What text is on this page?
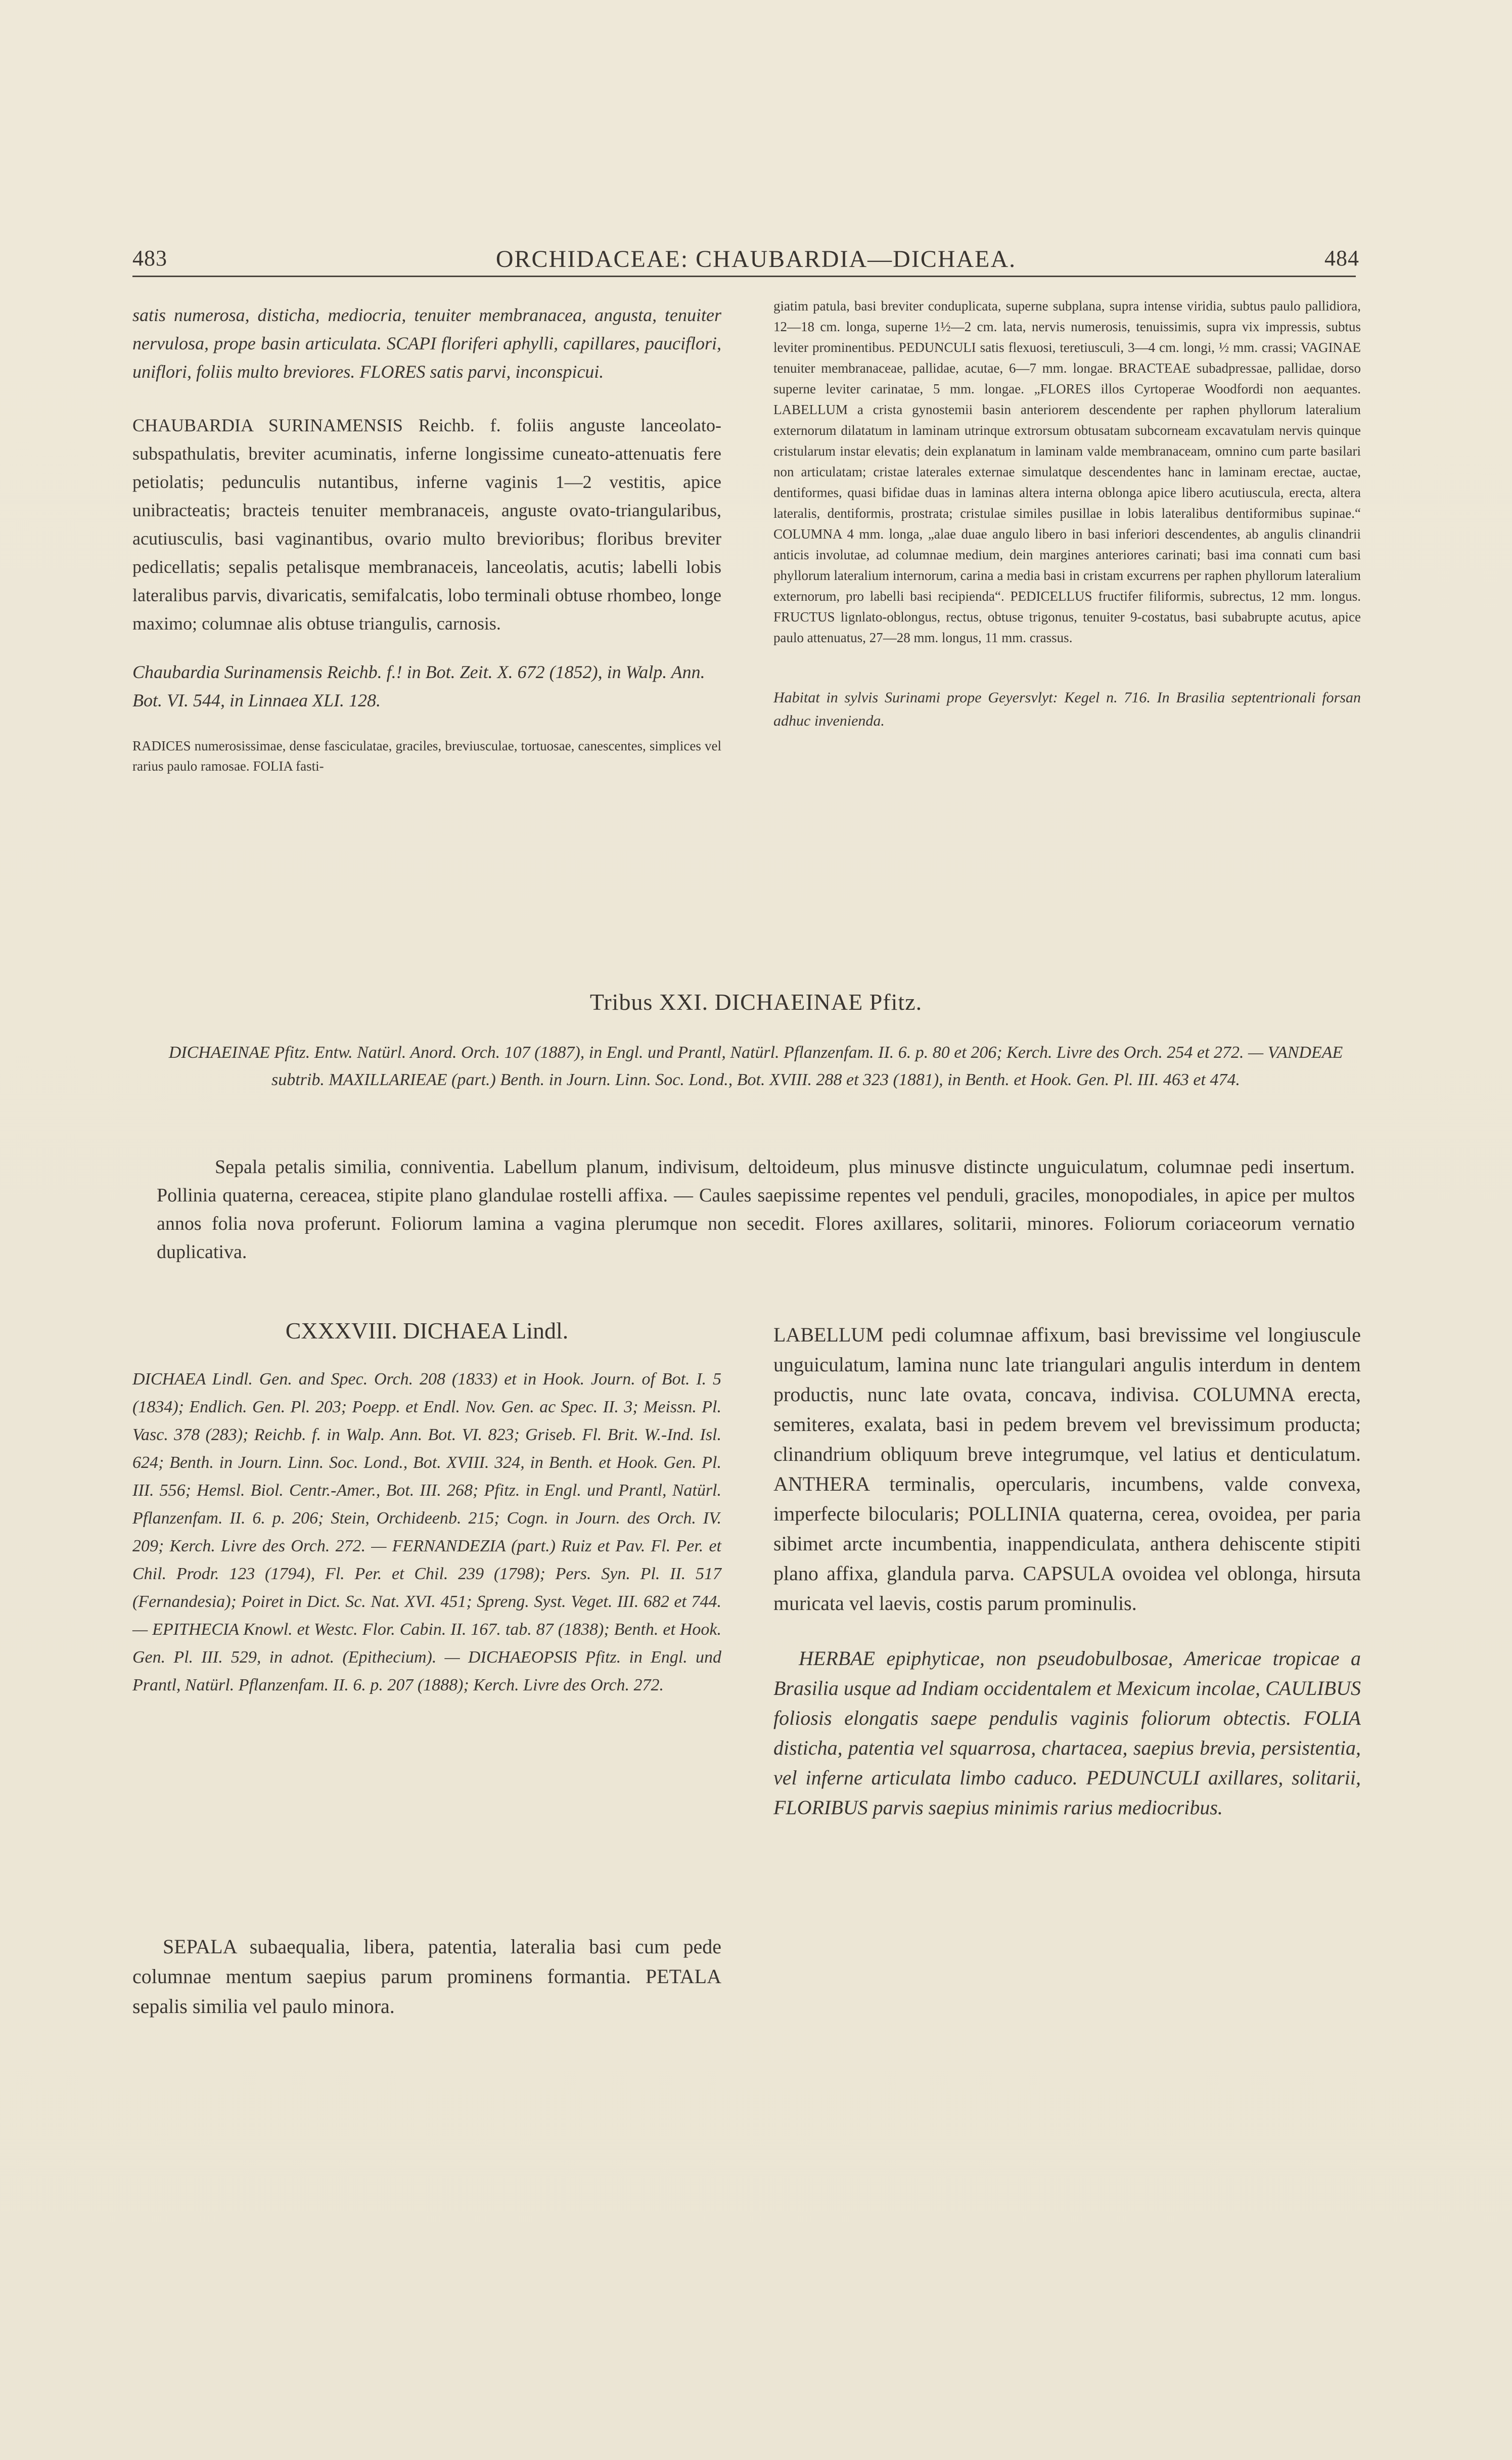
483	ORCHIDACEAE: CHAUBARDIA—DICHAEA.	484

satis numerosa, disticha, mediocria, tenuiter membranacea, angusta, tenuiter nervulosa, prope basin articulata. SCAPI floriferi aphylli, capillares, pauciflori, uniflori, foliis multo breviores. FLORES satis parvi, inconspicui.

CHAUBARDIA SURINAMENSIS Reichb. f. foliis anguste lanceolato-subspathulatis, breviter acuminatis, inferne longissime cuneato-attenuatis fere petiolatis; pedunculis nutantibus, inferne vaginis 1—2 vestitis, apice unibracteatis; bracteis tenuiter membranaceis, anguste ovato-triangularibus, acutiusculis, basi vaginantibus, ovario multo brevioribus; floribus breviter pedicellatis; sepalis petalisque membranaceis, lanceolatis, acutis; labelli lobis lateralibus parvis, divaricatis, semifalcatis, lobo terminali obtuse rhombeo, longe maximo; columnae alis obtuse triangulis, carnosis.

Chaubardia Surinamensis Reichb. f.! in Bot. Zeit. X. 672 (1852), in Walp. Ann. Bot. VI. 544, in Linnaea XLI. 128.

RADICES numerosissimae, dense fasciculatae, graciles, breviusculae, tortuosae, canescentes, simplices vel rarius paulo ramosae. FOLIA fasti-

giatim patula, basi breviter conduplicata, superne subplana, supra intense viridia, subtus paulo pallidiora, 12—18 cm. longa, superne 1½—2 cm. lata, nervis numerosis, tenuissimis, supra vix impressis, subtus leviter prominentibus. PEDUNCULI satis flexuosi, teretiusculi, 3—4 cm. longi, ½ mm. crassi; VAGINAE tenuiter membranaceae, pallidae, acutae, 6—7 mm. longae. BRACTEAE subadpressae, pallidae, dorso superne leviter carinatae, 5 mm. longae. „FLORES illos Cyrtoperae Woodfordi non aequantes. LABELLUM a crista gynostemii basin anteriorem descendente per raphen phyllorum lateralium externorum dilatatum in laminam utrinque extrorsum obtusatam subcorneam excavatulam nervis quinque cristularum instar elevatis; dein explanatum in laminam valde membranaceam, omnino cum parte basilari non articulatam; cristae laterales externae simulatque descendentes hanc in laminam erectae, auctae, dentiformes, quasi bifidae duas in laminas altera interna oblonga apice libero acutiuscula, erecta, altera lateralis, dentiformis, prostrata; cristulae similes pusillae in lobis lateralibus dentiformibus supinae.“ COLUMNA 4 mm. longa, „alae duae angulo libero in basi inferiori descendentes, ab angulis clinandrii anticis involutae, ad columnae medium, dein margines anteriores carinati; basi ima connati cum basi phyllorum lateralium internorum, carina a media basi in cristam excurrens per raphen phyllorum lateralium externorum, pro labelli basi recipienda“. PEDICELLUS fructifer filiformis, subrectus, 12 mm. longus. FRUCTUS lignlato-oblongus, rectus, obtuse trigonus, tenuiter 9-costatus, basi subabrupte acutus, apice paulo attenuatus, 27—28 mm. longus, 11 mm. crassus.

Habitat in sylvis Surinami prope Geyersvlyt: Kegel n. 716. In Brasilia septentrionali forsan adhuc invenienda.

Tribus XXI. DICHAEINAE Pfitz.
DICHAEINAE Pfitz. Entw. Natürl. Anord. Orch. 107 (1887), in Engl. und Prantl, Natürl. Pflanzenfam. II. 6. p. 80 et 206; Kerch. Livre des Orch. 254 et 272. — VANDEAE subtrib. MAXILLARIEAE (part.) Benth. in Journ. Linn. Soc. Lond., Bot. XVIII. 288 et 323 (1881), in Benth. et Hook. Gen. Pl. III. 463 et 474.
Sepala petalis similia, conniventia. Labellum planum, indivisum, deltoideum, plus minusve distincte unguiculatum, columnae pedi insertum. Pollinia quaterna, cereacea, stipite plano glandulae rostelli affixa. — Caules saepissime repentes vel penduli, graciles, monopodiales, in apice per multos annos folia nova proferunt. Foliorum lamina a vagina plerumque non secedit. Flores axillares, solitarii, minores. Foliorum coriaceorum vernatio duplicativa.
CXXXVIII. DICHAEA Lindl.
DICHAEA Lindl. Gen. and Spec. Orch. 208 (1833) et in Hook. Journ. of Bot. I. 5 (1834); Endlich. Gen. Pl. 203; Poepp. et Endl. Nov. Gen. ac Spec. II. 3; Meissn. Pl. Vasc. 378 (283); Reichb. f. in Walp. Ann. Bot. VI. 823; Griseb. Fl. Brit. W.-Ind. Isl. 624; Benth. in Journ. Linn. Soc. Lond., Bot. XVIII. 324, in Benth. et Hook. Gen. Pl. III. 556; Hemsl. Biol. Centr.-Amer., Bot. III. 268; Pfitz. in Engl. und Prantl, Natürl. Pflanzenfam. II. 6. p. 206; Stein, Orchideenb. 215; Cogn. in Journ. des Orch. IV. 209; Kerch. Livre des Orch. 272. — FERNANDEZIA (part.) Ruiz et Pav. Fl. Per. et Chil. Prodr. 123 (1794), Fl. Per. et Chil. 239 (1798); Pers. Syn. Pl. II. 517 (Fernandesia); Poiret in Dict. Sc. Nat. XVI. 451; Spreng. Syst. Veget. III. 682 et 744. — EPITHECIA Knowl. et Westc. Flor. Cabin. II. 167. tab. 87 (1838); Benth. et Hook. Gen. Pl. III. 529, in adnot. (Epithecium). — DICHAEOPSIS Pfitz. in Engl. und Prantl, Natürl. Pflanzenfam. II. 6. p. 207 (1888); Kerch. Livre des Orch. 272.
SEPALA subaequalia, libera, patentia, lateralia basi cum pede columnae mentum saepius parum prominens formantia. PETALA sepalis similia vel paulo minora.

LABELLUM pedi columnae affixum, basi brevissime vel longiuscule unguiculatum, lamina nunc late triangulari angulis interdum in dentem productis, nunc late ovata, concava, indivisa. COLUMNA erecta, semiteres, exalata, basi in pedem brevem vel brevissimum producta; clinandrium obliquum breve integrumque, vel latius et denticulatum. ANTHERA terminalis, opercularis, incumbens, valde convexa, imperfecte bilocularis; POLLINIA quaterna, cerea, ovoidea, per paria sibimet arcte incumbentia, inappendiculata, anthera dehiscente stipiti plano affixa, glandula parva. CAPSULA ovoidea vel oblonga, hirsuta muricata vel laevis, costis parum prominulis.

HERBAE epiphyticae, non pseudobulbosae, Americae tropicae a Brasilia usque ad Indiam occidentalem et Mexicum incolae, CAULIBUS foliosis elongatis saepe pendulis vaginis foliorum obtectis. FOLIA disticha, patentia vel squarrosa, chartacea, saepius brevia, persistentia, vel inferne articulata limbo caduco. PEDUNCULI axillares, solitarii, FLORIBUS parvis saepius minimis rarius mediocribus.
